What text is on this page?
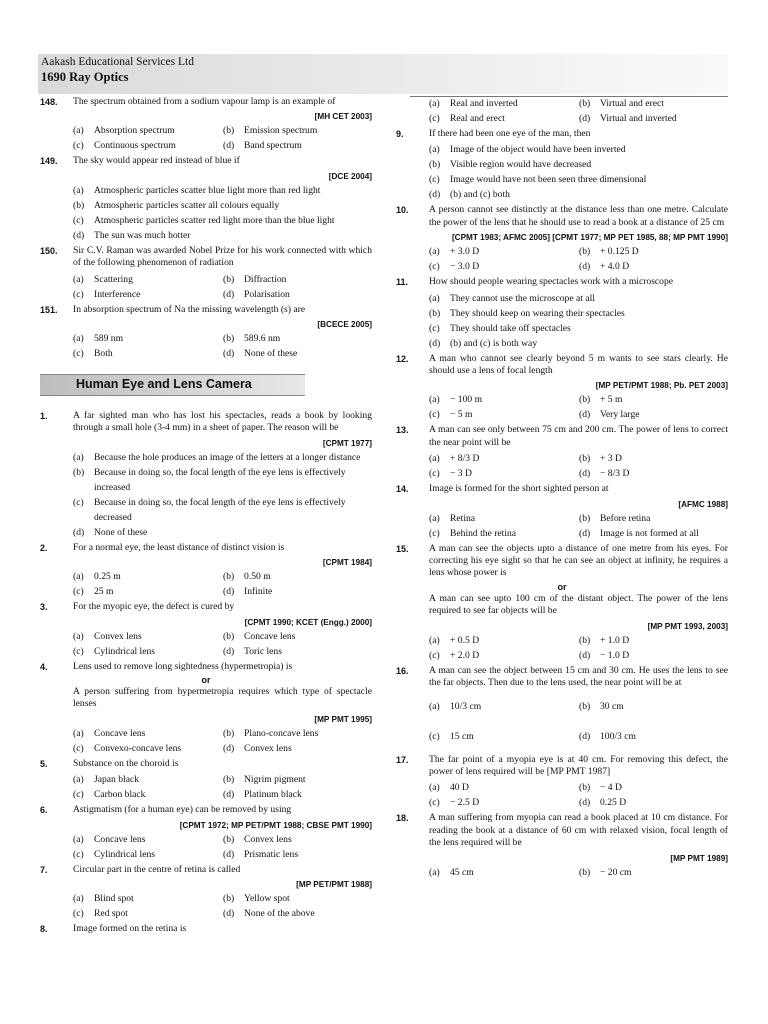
Aakash Educational Services Ltd
1690 Ray Optics
148. The spectrum obtained from a sodium vapour lamp is an example of
[MH CET 2003]
(a)	Absorption spectrum	(b)	Emission spectrum
(c)	Continuous spectrum	(d)	Band spectrum
149. The sky would appear red instead of blue if
[DCE 2004]
(a)	Atmospheric particles scatter blue light more than red light
(b)	Atmospheric particles scatter all colours equally
(c)	Atmospheric particles scatter red light more than the blue light
(d)	The sun was much hotter
150. Sir C.V. Raman was awarded Nobel Prize for his work connected with which of the following phenomenon of radiation
(a)	Scattering	(b)	Diffraction
(c)	Interference	(d)	Polarisation
151. In absorption spectrum of Na the missing wavelength (s) are
[BCECE 2005]
(a)	589 nm	(b)	589.6 nm
(c)	Both	(d)	None of these
Human Eye and Lens Camera
1.	A far sighted man who has lost his spectacles, reads a book by looking through a small hole (3-4 mm) in a sheet of paper. The reason will be
[CPMT 1977]
(a)	Because the hole produces an image of the letters at a longer distance
(b)	Because in doing so, the focal length of the eye lens is effectively increased
(c)	Because in doing so, the focal length of the eye lens is effectively decreased
(d)	None of these
2.	For a normal eye, the least distance of distinct vision is
[CPMT 1984]
(a)	0.25 m	(b)	0.50 m
(c)	25 m	(d)	Infinite
3.	For the myopic eye, the defect is cured by
[CPMT 1990; KCET (Engg.) 2000]
(a)	Convex lens	(b)	Concave lens
(c)	Cylindrical lens	(d)	Toric lens
4.	Lens used to remove long sightedness (hypermetropia) is
or
A person suffering from hypermetropia requires which type of spectacle lenses
[MP PMT 1995]
(a)	Concave lens	(b)	Plano-concave lens
(c)	Convexo-concave lens	(d)	Convex lens
5.	Substance on the choroid is
(a)	Japan black	(b)	Nigrim pigment
(c)	Carbon black	(d)	Platinum black
6.	Astigmatism (for a human eye) can be removed by using
[CPMT 1972; MP PET/PMT 1988; CBSE PMT 1990]
(a)	Concave lens	(b)	Convex lens
(c)	Cylindrical lens	(d)	Prismatic lens
7.	Circular part in the centre of retina is called
[MP PET/PMT 1988]
(a)	Blind spot	(b)	Yellow spot
(c)	Red spot	(d)	None of the above
8.	Image formed on the retina is
(a)	Real and inverted	(b)	Virtual and erect
(c)	Real and erect	(d)	Virtual and inverted
9.	If there had been one eye of the man, then
(a)	Image of the object would have been inverted
(b)	Visible region would have decreased
(c)	Image would have not been seen three dimensional
(d)	(b) and (c) both
10. A person cannot see distinctly at the distance less than one metre. Calculate the power of the lens that he should use to read a book at a distance of 25 cm
[CPMT 1983; AFMC 2005] [CPMT 1977; MP PET 1985, 88; MP PMT 1990]
(a)	+ 3.0 D	(b)	+ 0.125 D
(c)	− 3.0 D	(d)	+ 4.0 D
11. How should people wearing spectacles work with a microscope
(a)	They cannot use the microscope at all
(b)	They should keep on wearing their spectacles
(c)	They should take off spectacles
(d)	(b) and (c) is both way
12. A man who cannot see clearly beyond 5 m wants to see stars clearly. He should use a lens of focal length
[MP PET/PMT 1988; Pb. PET 2003]
(a)	− 100 m	(b)	+ 5 m
(c)	− 5 m	(d)	Very large
13. A man can see only between 75 cm and 200 cm. The power of lens to correct the near point will be
(a)	+ 8/3 D	(b)	+ 3 D
(c)	− 3 D	(d)	− 8/3 D
14. Image is formed for the short sighted person at
[AFMC 1988]
(a)	Retina	(b)	Before retina
(c)	Behind the retina	(d)	Image is not formed at all
15. A man can see the objects upto a distance of one metre from his eyes. For correcting his eye sight so that he can see an object at infinity, he requires a lens whose power is
or
A man can see upto 100 cm of the distant object. The power of the lens required to see far objects will be
[MP PMT 1993, 2003]
(a)	+ 0.5 D	(b)	+ 1.0 D
(c)	+ 2.0 D	(d)	− 1.0 D
16. A man can see the object between 15 cm and 30 cm. He uses the lens to see the far objects. Then due to the lens used, the near point will be at
(a)	10/3 cm	(b)	30 cm
(c)	15 cm	(d)	100/3 cm
17. The far point of a myopia eye is at 40 cm. For removing this defect, the power of lens required will be [MP PMT 1987]
(a)	40 D	(b)	− 4 D
(c)	− 2.5 D	(d)	0.25 D
18. A man suffering from myopia can read a book placed at 10 cm distance. For reading the book at a distance of 60 cm with relaxed vision, focal length of the lens required will be
[MP PMT 1989]
(a)	45 cm	(b)	− 20 cm
